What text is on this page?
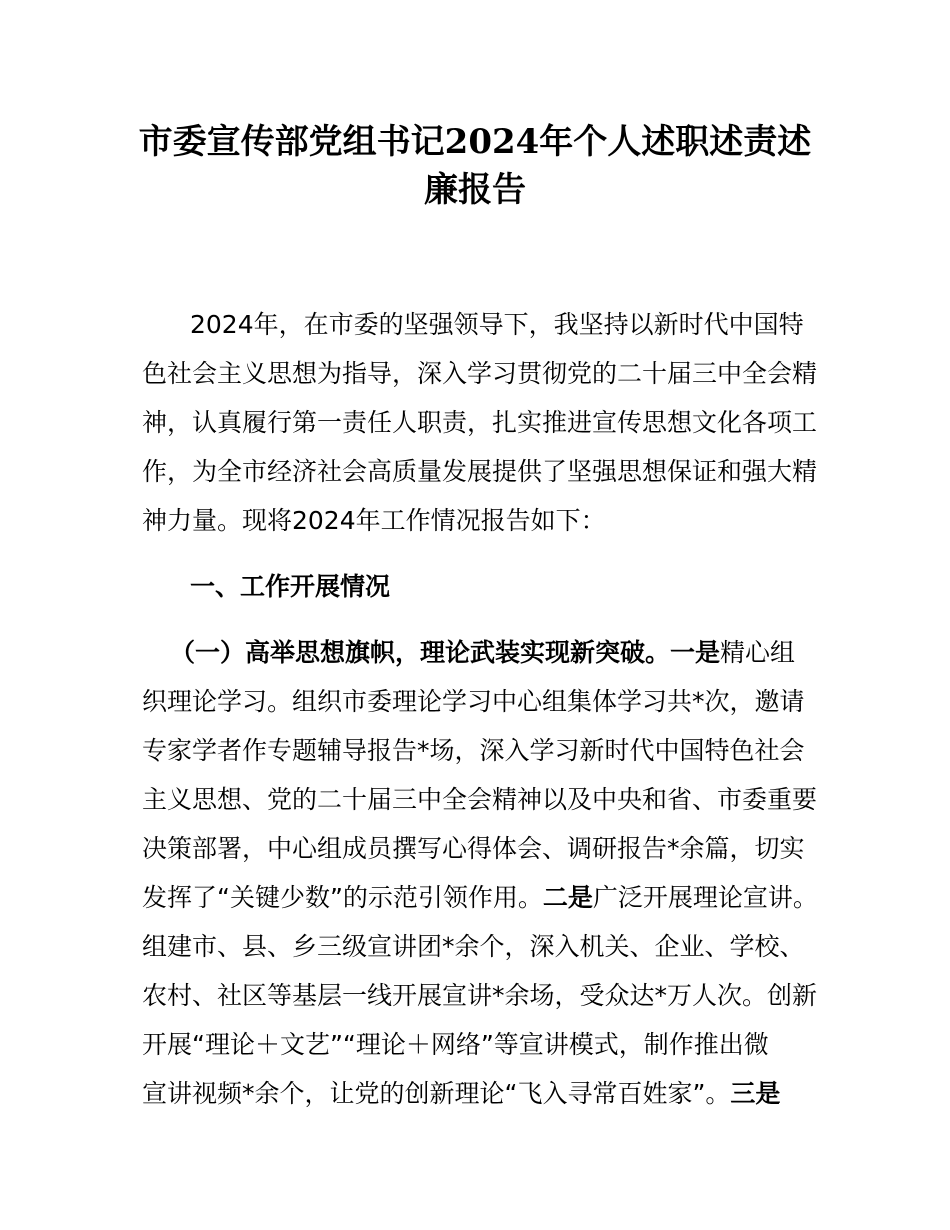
市委宣传部党组书记2024年个人述职述责述
廉报告
2024年，在市委的坚强领导下，我坚持以新时代中国特
色社会主义思想为指导，深入学习贯彻党的二十届三中全会精
神，认真履行第一责任人职责，扎实推进宣传思想文化各项工
作，为全市经济社会高质量发展提供了坚强思想保证和强大精
神力量。现将2024年工作情况报告如下：
一、工作开展情况
（一）高举思想旗帜，理论武装实现新突破。一是精心组
织理论学习。组织市委理论学习中心组集体学习共*次，邀请
专家学者作专题辅导报告*场，深入学习新时代中国特色社会
主义思想、党的二十届三中全会精神以及中央和省、市委重要
决策部署，中心组成员撰写心得体会、调研报告*余篇，切实
发挥了“关键少数”的示范引领作用。二是广泛开展理论宣讲。
组建市、县、乡三级宣讲团*余个，深入机关、企业、学校、
农村、社区等基层一线开展宣讲*余场，受众达*万人次。创新
开展“理论＋文艺”“理论＋网络”等宣讲模式，制作推出微
宣讲视频*余个，让党的创新理论“飞入寻常百姓家”。三是
